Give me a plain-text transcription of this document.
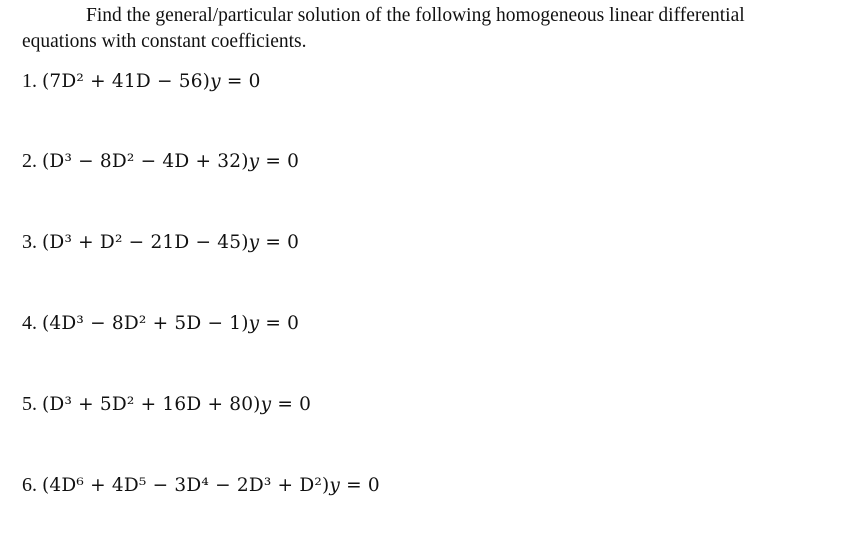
Find the general/particular solution of the following homogeneous linear differential equations with constant coefficients.

1. (7D² + 41D − 56)𝑦 = 0
2. (D³ − 8D² − 4D + 32)𝑦 = 0
3. (D³ + D² − 21D − 45)𝑦 = 0
4. (4D³ − 8D² + 5D − 1)𝑦 = 0
5. (D³ + 5D² + 16D + 80)𝑦 = 0
6. (4D⁶ + 4D⁵ − 3D⁴ − 2D³ + D²)𝑦 = 0
